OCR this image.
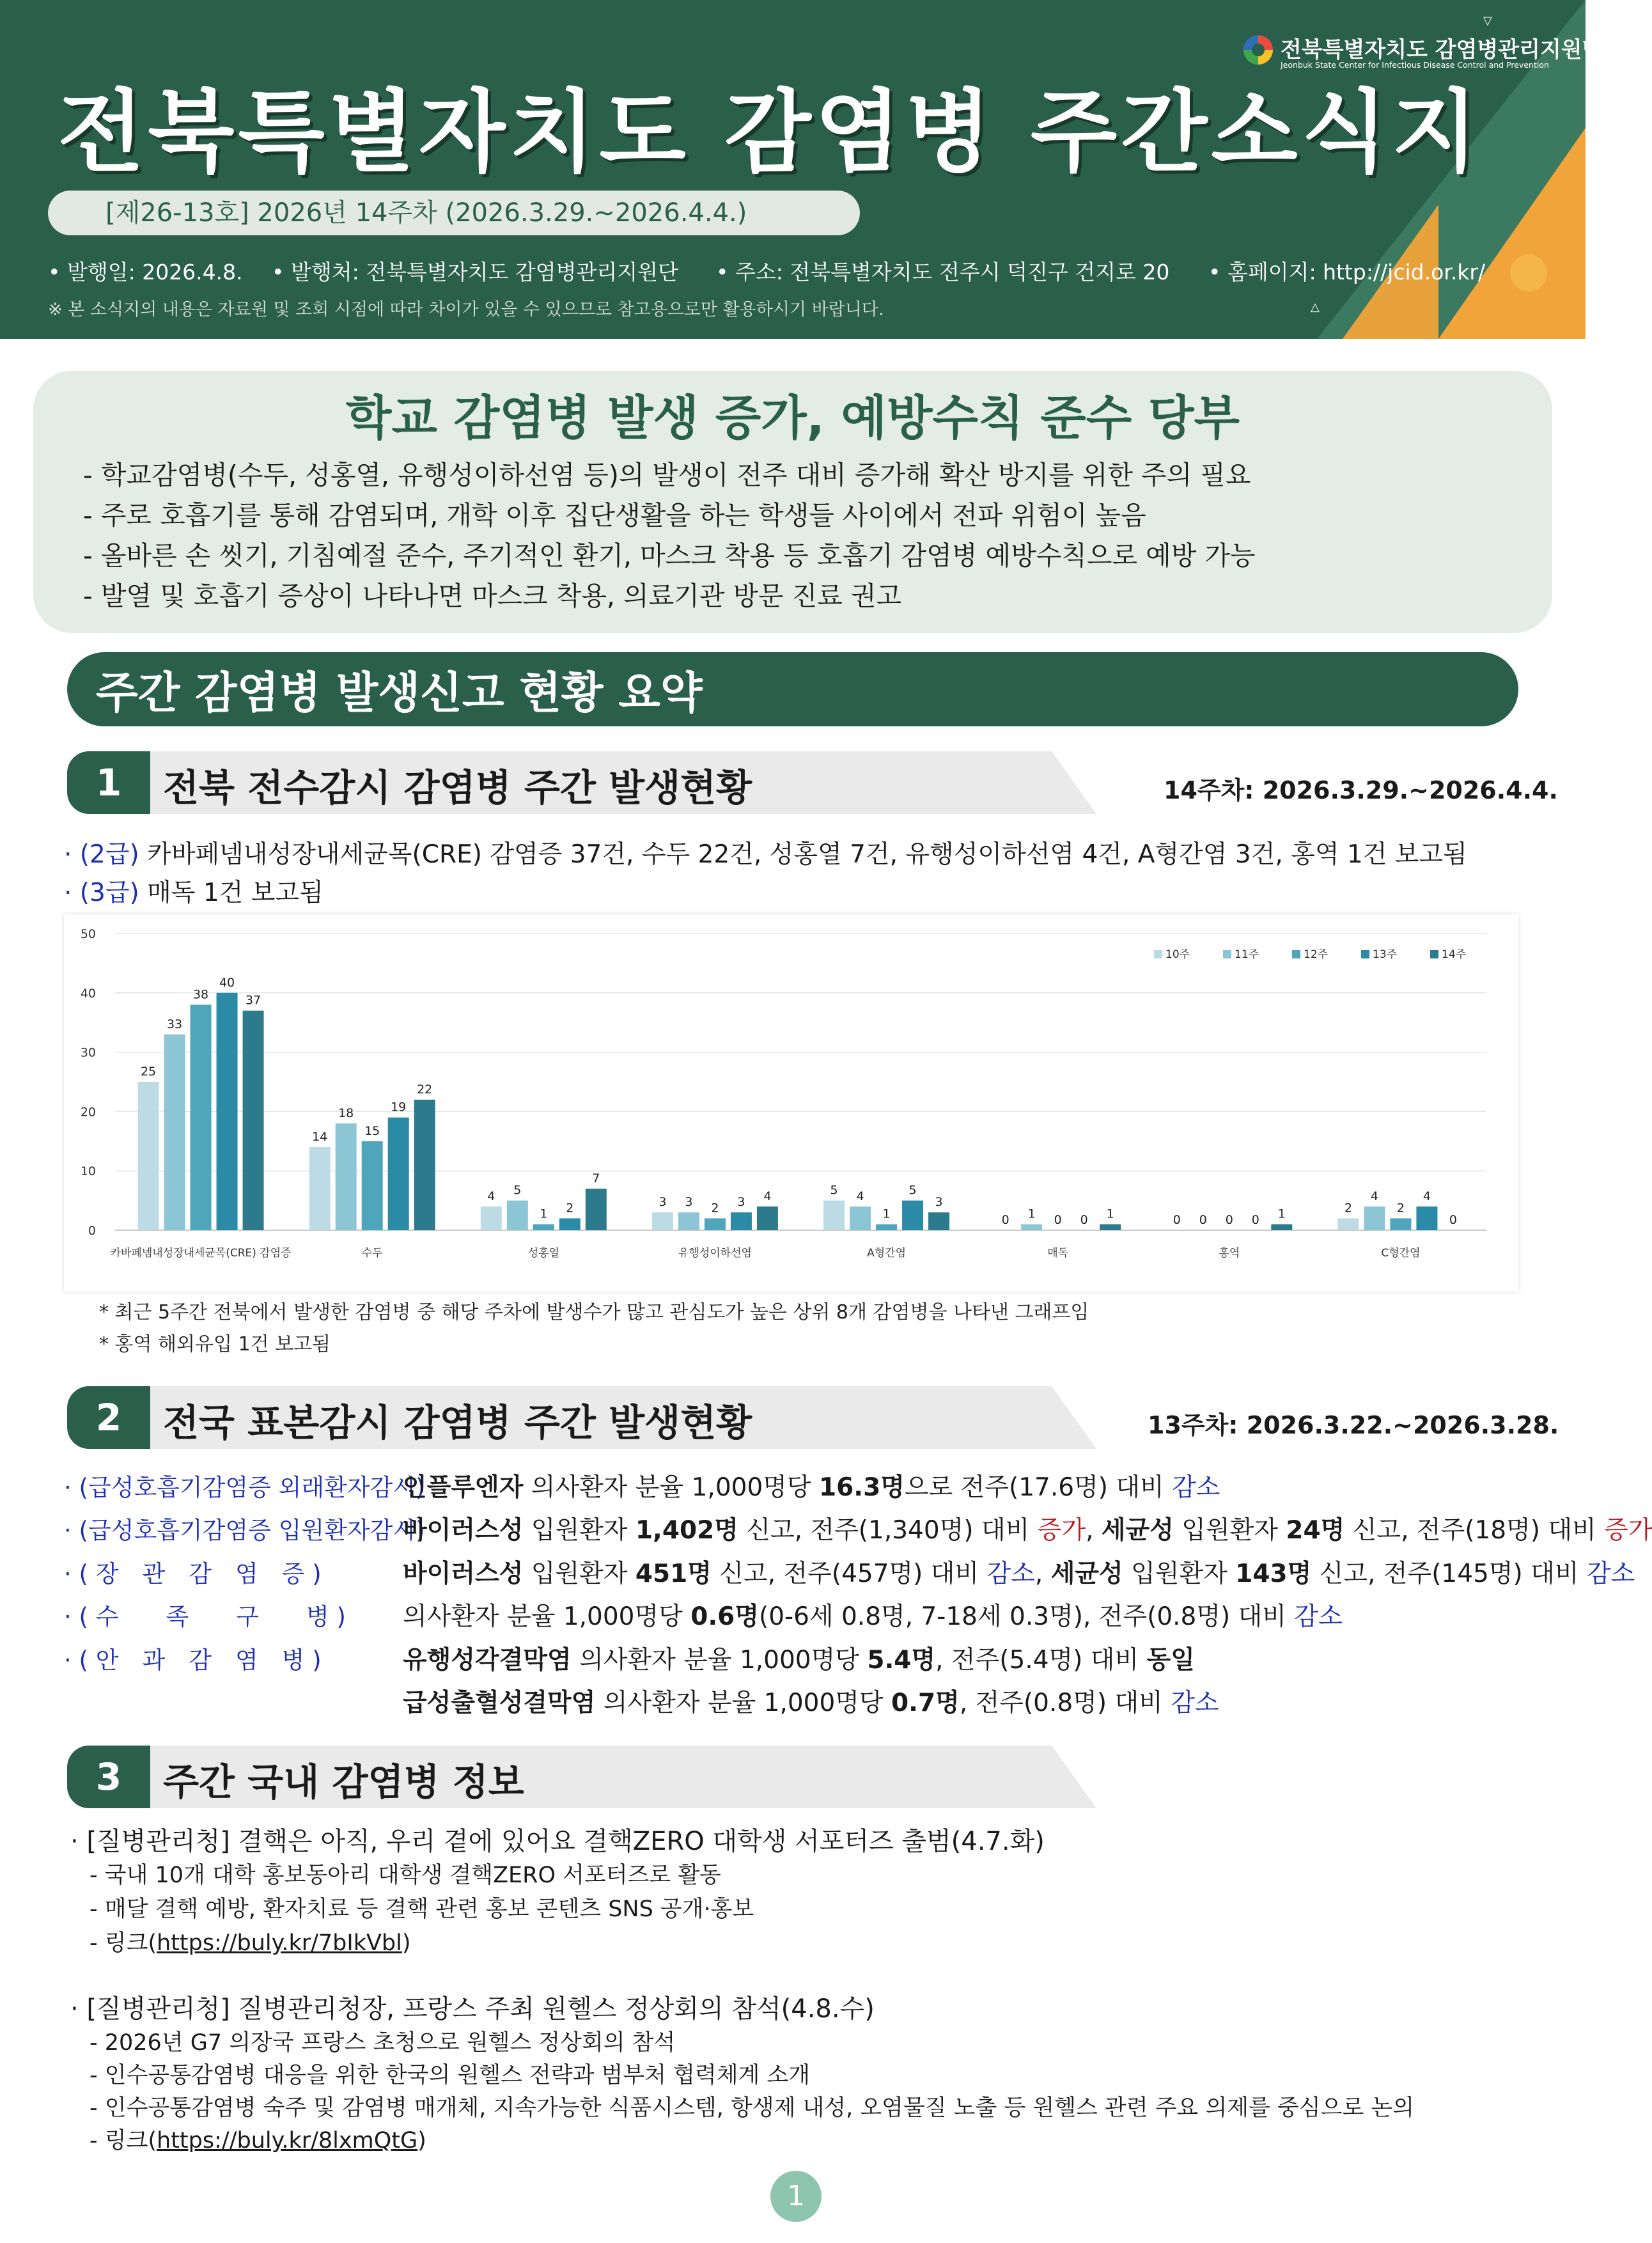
전북특별자치도 감염병관리지원단
Jeonbuk State Center for Infectious Disease Control and Prevention
▽
△
전북특별자치도 감염병 주간소식지
[제26-13호] 2026년 14주차 (2026.3.29.~2026.4.4.)
• 발행일: 2026.4.8. • 발행처: 전북특별자치도 감염병관리지원단 • 주소: 전북특별자치도 전주시 덕진구 건지로 20 • 홈페이지: http://jcid.or.kr/
※ 본 소식지의 내용은 자료원 및 조회 시점에 따라 차이가 있을 수 있으므로 참고용으로만 활용하시기 바랍니다.
학교 감염병 발생 증가, 예방수칙 준수 당부
- 학교감염병(수두, 성홍열, 유행성이하선염 등)의 발생이 전주 대비 증가해 확산 방지를 위한 주의 필요
- 주로 호흡기를 통해 감염되며, 개학 이후 집단생활을 하는 학생들 사이에서 전파 위험이 높음
- 올바른 손 씻기, 기침예절 준수, 주기적인 환기, 마스크 착용 등 호흡기 감염병 예방수칙으로 예방 가능
- 발열 및 호흡기 증상이 나타나면 마스크 착용, 의료기관 방문 진료 권고
주간 감염병 발생신고 현황 요약
1	전북 전수감시 감염병 주간 발생현황	14주차: 2026.3.29.~2026.4.4.
· (2급) 카바페넴내성장내세균목(CRE) 감염증 37건, 수두 22건, 성홍열 7건, 유행성이하선염 4건, A형간염 3건, 홍역 1건 보고됨
· (3급) 매독 1건 보고됨
0
10
20
30
40
50
25
33
38
40
37
카바페넴내성장내세균목(CRE) 감염증
14
18
15
19
22
수두
4 5
1 2
7
성홍열
3 3 2 3 4
유행성이하선염
5 4
1
5
3
A형간염
0 1 0 0 1
매독
0 0 0 0 1
홍역
2
4
2
4
0
C형간염
10주	11주	12주	13주	14주
* 최근 5주간 전북에서 발생한 감염병 중 해당 주차에 발생수가 많고 관심도가 높은 상위 8개 감염병을 나타낸 그래프임
* 홍역 해외유입 1건 보고됨
2	전국 표본감시 감염병 주간 발생현황	13주차: 2026.3.22.~2026.3.28.
· (급성호흡기감염증 외래환자감시)인플루엔자 의사환자 분율 1,000명당 16.3명으로 전주(17.6명) 대비 감소
· (급성호흡기감염증 입원환자감시)바이러스성 입원환자 1,402명 신고, 전주(1,340명) 대비 증가, 세균성 입원환자 24명 신고, 전주(18명) 대비 증가
· ( 장　관　감　염　증 )	바이러스성 입원환자 451명 신고, 전주(457명) 대비 감소, 세균성 입원환자 143명 신고, 전주(145명) 대비 감소
· ( 수　　족　　구　　병 ) 의사환자 분율 1,000명당 0.6명(0-6세 0.8명, 7-18세 0.3명), 전주(0.8명) 대비 감소
· ( 안　과　감　염　병 )	유행성각결막염 의사환자 분율 1,000명당 5.4명, 전주(5.4명) 대비 동일
급성출혈성결막염 의사환자 분율 1,000명당 0.7명, 전주(0.8명) 대비 감소
3	주간 국내 감염병 정보
· [질병관리청] 결핵은 아직, 우리 곁에 있어요 결핵ZERO 대학생 서포터즈 출범(4.7.화)
- 국내 10개 대학 홍보동아리 대학생 결핵ZERO 서포터즈로 활동
- 매달 결핵 예방, 환자치료 등 결핵 관련 홍보 콘텐츠 SNS 공개·홍보
- 링크(https://buly.kr/7bIkVbl)
· [질병관리청] 질병관리청장, 프랑스 주최 원헬스 정상회의 참석(4.8.수)
- 2026년 G7 의장국 프랑스 초청으로 원헬스 정상회의 참석
- 인수공통감염병 대응을 위한 한국의 원헬스 전략과 범부처 협력체계 소개
- 인수공통감염병 숙주 및 감염병 매개체, 지속가능한 식품시스템, 항생제 내성, 오염물질 노출 등 원헬스 관련 주요 의제를 중심으로 논의
- 링크(https://buly.kr/8lxmQtG)
1
